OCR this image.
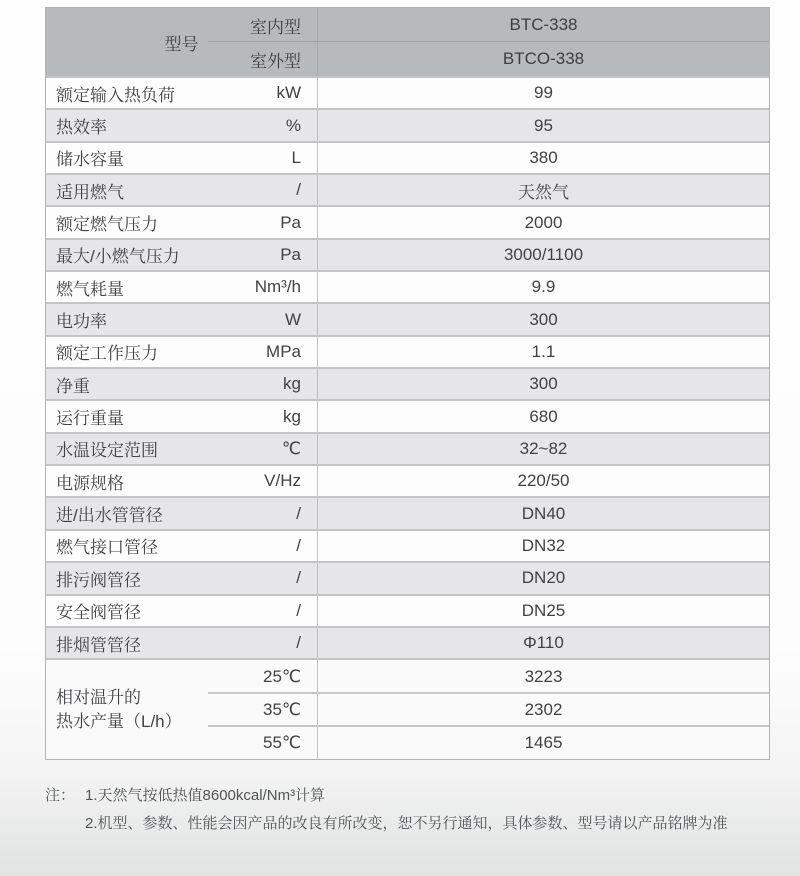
型号
室内型	BTC-338
室外型	BTCO-338
额定输入热负荷	kW	99
热效率	%	95
储水容量	L	380
适用燃气	/	天然气
额定燃气压力	Pa	2000
最大/小燃气压力	Pa	3000/1100
燃气耗量	Nm³/h	9.9
电功率	W	300
额定工作压力	MPa	1.1
净重	kg	300
运行重量	kg	680
水温设定范围	℃	32~82
电源规格	V/Hz	220/50
进/出水管管径	/	DN40
燃气接口管径	/	DN32
排污阀管径	/	DN20
安全阀管径	/	DN25
排烟管管径	/	Φ110
相对温升的
热水产量（L/h）
25℃	3223
35℃	2302
55℃	1465
注： 1.天然气按低热值8600kcal/Nm³计算
2.机型、参数、性能会因产品的改良有所改变，恕不另行通知，具体参数、型号请以产品铭牌为准
